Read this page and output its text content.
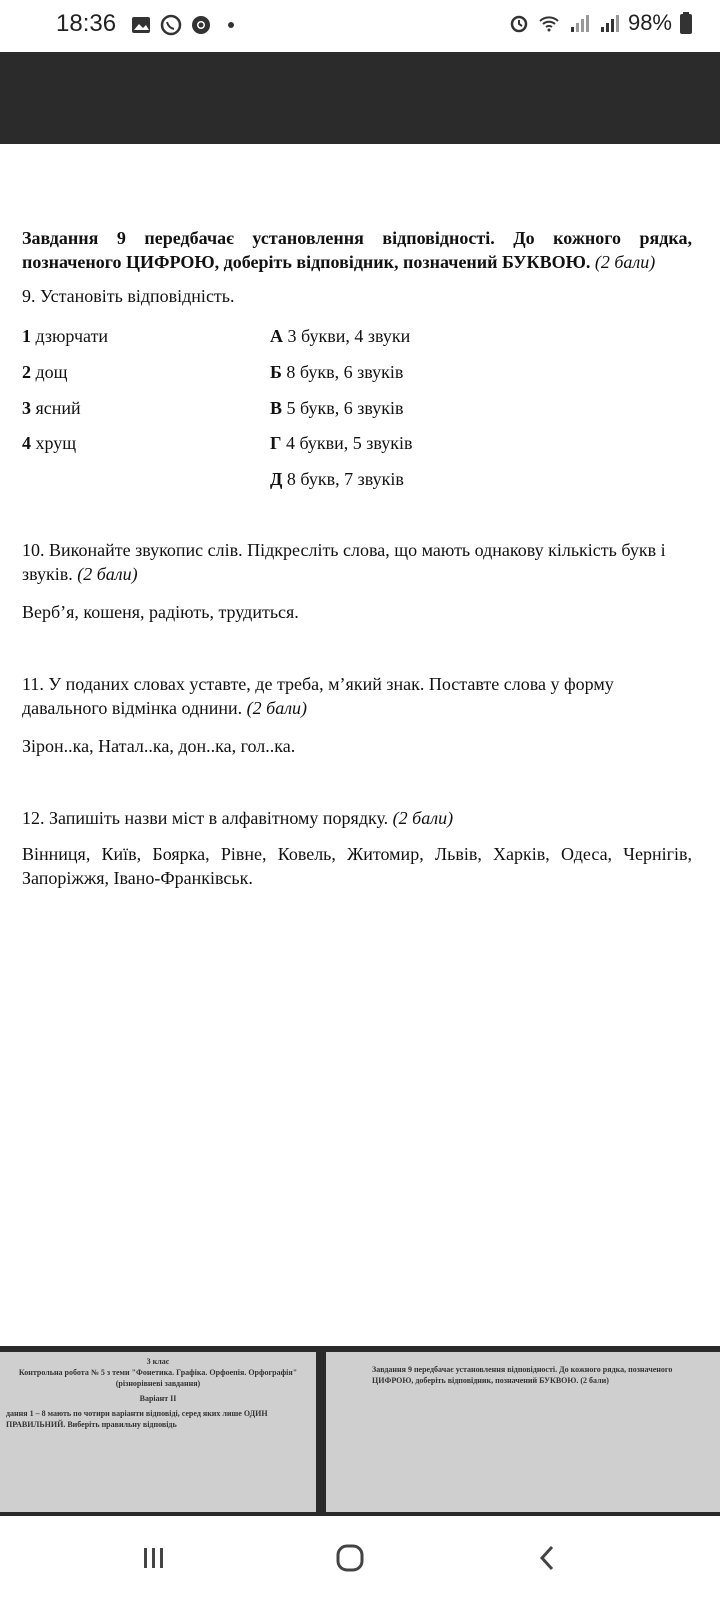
18:36	98%

Завдання 9 передбачає установлення відповідності. До кожного рядка, позначеного ЦИФРОЮ, доберіть відповідник, позначений БУКВОЮ. (2 бали)

9. Установіть відповідність.

1 дзюрчати
2 дощ
3 ясний
4 хрущ
А 3 букви, 4 звуки
Б 8 букв, 6 звуків
В 5 букв, 6 звуків
Г 4 букви, 5 звуків
Д 8 букв, 7 звуків

10. Виконайте звукопис слів. Підкресліть слова, що мають однакову кількість букв і звуків. (2 бали)

Верб’я, кошеня, радіють, трудиться.

11. У поданих словах уставте, де треба, м’який знак. Поставте слова у форму давального відмінка однини. (2 бали)

Зірон..ка, Натал..ка, дон..ка, гол..ка.

12. Запишіть назви міст в алфавітному порядку. (2 бали)

Вінниця, Київ, Боярка, Рівне, Ковель, Житомир, Львів, Харків, Одеса, Чернігів, Запоріжжя, Івано-Франківськ.

3 клас
Контрольна робота № 5 з теми "Фонетика. Графіка. Орфоепія. Орфографія" (різнорівневі завдання)
Варіант II
дання 1 – 8 мають по чотири варіанти відповіді, серед яких лише ОДИН ПРАВИЛЬНИЙ. Виберіть правильну відповідь
Завдання 9 передбачає установлення відповідності. До кожного рядка, позначеного ЦИФРОЮ, доберіть відповідник, позначений БУКВОЮ. (2 бали)
